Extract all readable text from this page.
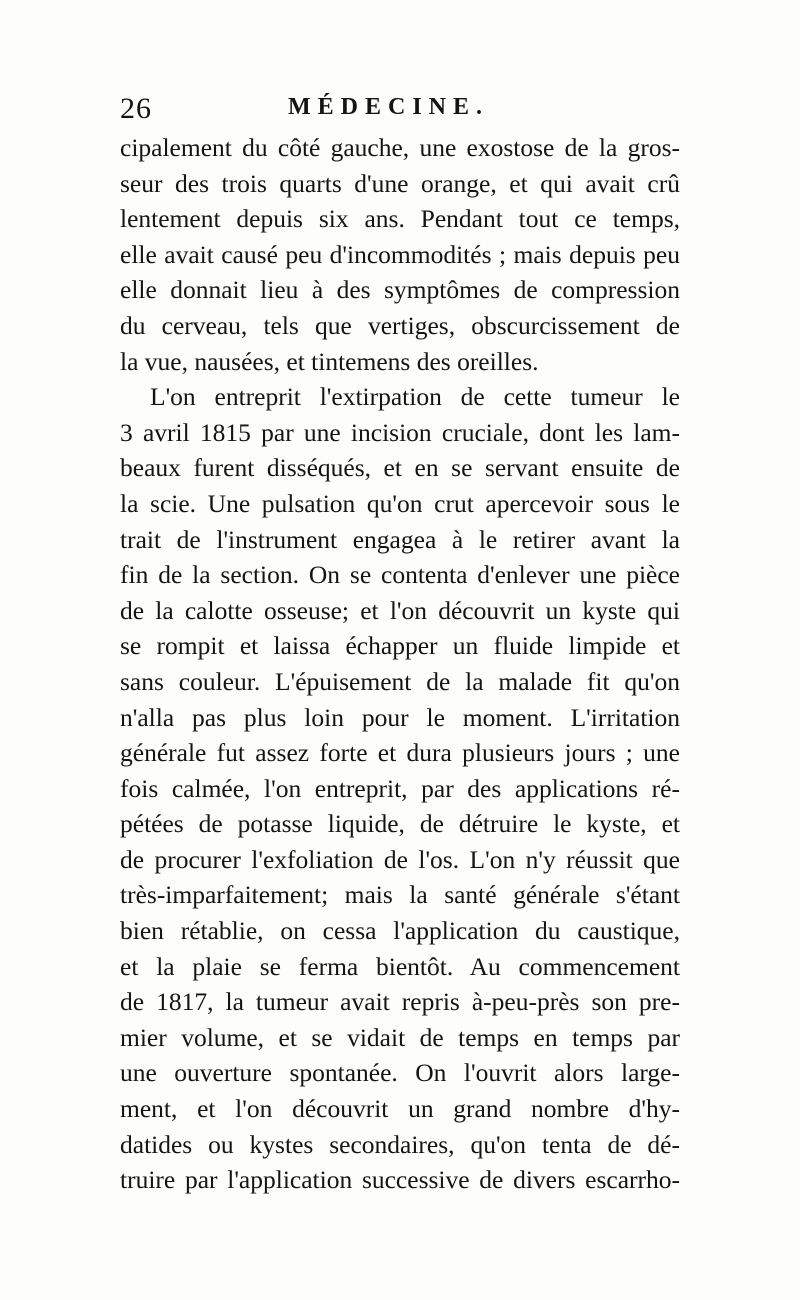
26	MÉDECINE.
cipalement du côté gauche, une exostose de la gros-
seur des trois quarts d'une orange, et qui avait crû
lentement depuis six ans. Pendant tout ce temps,
elle avait causé peu d'incommodités ; mais depuis peu
elle donnait lieu à des symptômes de compression
du cerveau, tels que vertiges, obscurcissement de
la vue, nausées, et tintemens des oreilles.
L'on entreprit l'extirpation de cette tumeur le
3 avril 1815 par une incision cruciale, dont les lam-
beaux furent disséqués, et en se servant ensuite de
la scie. Une pulsation qu'on crut apercevoir sous le
trait de l'instrument engagea à le retirer avant la
fin de la section. On se contenta d'enlever une pièce
de la calotte osseuse; et l'on découvrit un kyste qui
se rompit et laissa échapper un fluide limpide et
sans couleur. L'épuisement de la malade fit qu'on
n'alla pas plus loin pour le moment. L'irritation
générale fut assez forte et dura plusieurs jours ; une
fois calmée, l'on entreprit, par des applications ré-
pétées de potasse liquide, de détruire le kyste, et
de procurer l'exfoliation de l'os. L'on n'y réussit que
très-imparfaitement; mais la santé générale s'étant
bien rétablie, on cessa l'application du caustique,
et la plaie se ferma bientôt. Au commencement
de 1817, la tumeur avait repris à-peu-près son pre-
mier volume, et se vidait de temps en temps par
une ouverture spontanée. On l'ouvrit alors large-
ment, et l'on découvrit un grand nombre d'hy-
datides ou kystes secondaires, qu'on tenta de dé-
truire par l'application successive de divers escarrho-
